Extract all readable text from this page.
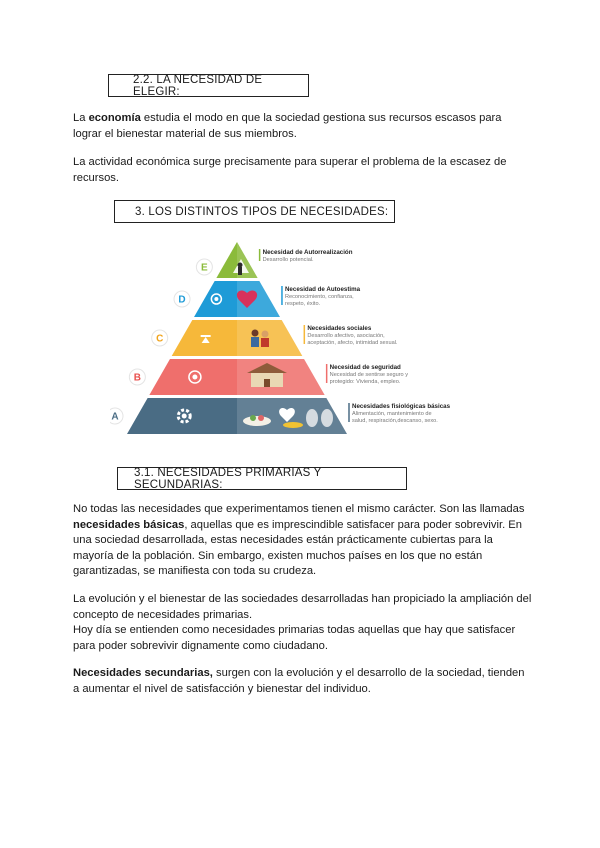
2.2. LA NECESIDAD DE ELEGIR:

La economía estudia el modo en que la sociedad gestiona sus recursos escasos para lograr el bienestar material de sus miembros.

La actividad económica surge precisamente para superar el problema de la escasez de recursos.

3. LOS DISTINTOS TIPOS DE NECESIDADES:
E
Necesidad de Autorrealización
Desarrollo potencial.
D
Necesidad de Autoestima
Reconocimiento, confianza,
respeto, éxito.
C
Necesidades sociales
Desarrollo afectivo, asociación,
aceptación, afecto, intimidad sexual.
B
Necesidad de seguridad
Necesidad de sentirse seguro y
protegido: Vivienda, empleo.
A
Necesidades fisiológicas básicas
Alimentación, mantenimiento de
salud, respiración,descanso, sexo.
3.1. NECESIDADES PRIMARIAS Y SECUNDARIAS:

No todas las necesidades que experimentamos tienen el mismo carácter. Son las llamadas necesidades básicas, aquellas que es imprescindible satisfacer para poder sobrevivir. En una sociedad desarrollada, estas necesidades están prácticamente cubiertas para la mayoría de la población. Sin embargo, existen muchos países en los que no están garantizadas, se manifiesta con toda su crudeza.

La evolución y el bienestar de las sociedades desarrolladas han propiciado la ampliación del concepto de necesidades primarias.
Hoy día se entienden como necesidades primarias todas aquellas que hay que satisfacer para poder sobrevivir dignamente como ciudadano.

Necesidades secundarias, surgen con la evolución y el desarrollo de la sociedad, tienden a aumentar el nivel de satisfacción y bienestar del individuo.
